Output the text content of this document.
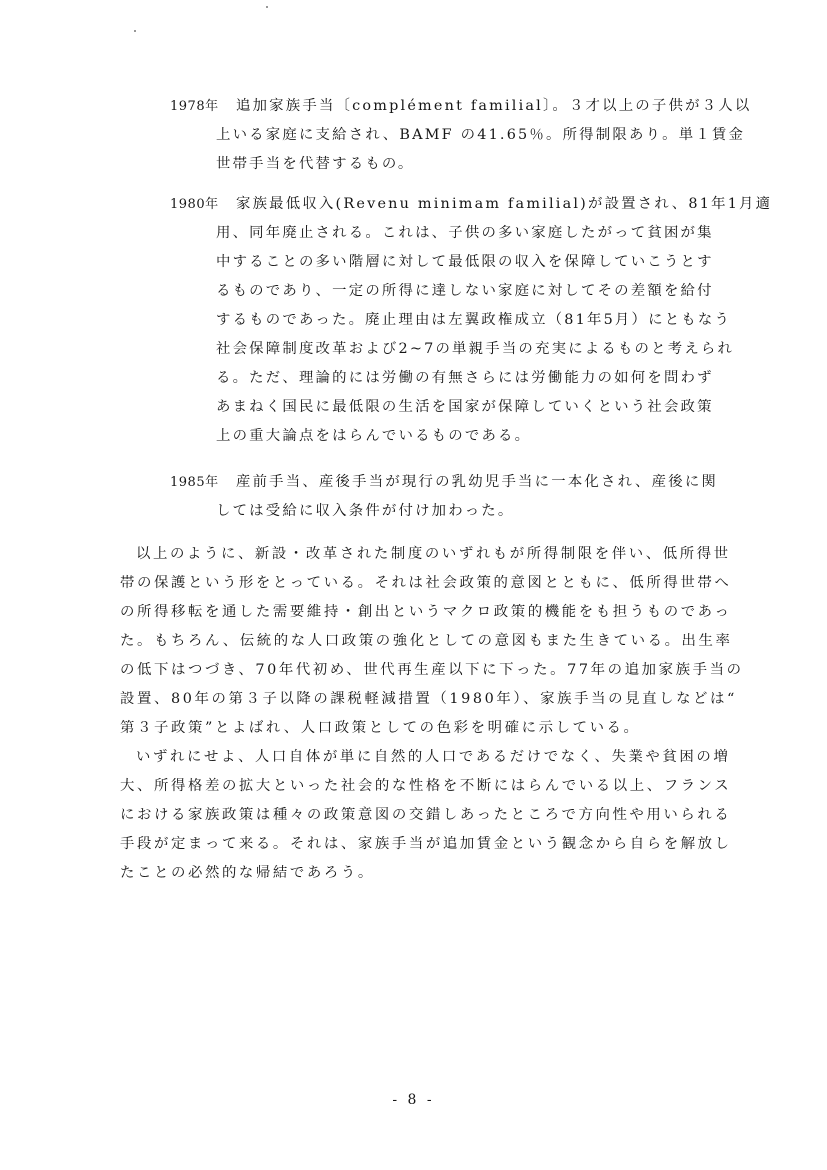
1978年	追加家族手当〔complément familial〕。３才以上の子供が３人以
上いる家庭に支給され、BAMF の41.65％。所得制限あり。単１賃金
世帯手当を代替するもの。
1980年	家族最低収入(Revenu minimam familial)が設置され、81年1月適
用、同年廃止される。これは、子供の多い家庭したがって貧困が集
中することの多い階層に対して最低限の収入を保障していこうとす
るものであり、一定の所得に達しない家庭に対してその差額を給付
するものであった。廃止理由は左翼政権成立（81年5月）にともなう
社会保障制度改革および2~7の単親手当の充実によるものと考えられ
る。ただ、理論的には労働の有無さらには労働能力の如何を問わず
あまねく国民に最低限の生活を国家が保障していくという社会政策
上の重大論点をはらんでいるものである。
1985年	産前手当、産後手当が現行の乳幼児手当に一本化され、産後に関
しては受給に収入条件が付け加わった。
以上のように、新設・改革された制度のいずれもが所得制限を伴い、低所得世
帯の保護という形をとっている。それは社会政策的意図とともに、低所得世帯へ
の所得移転を通した需要維持・創出というマクロ政策的機能をも担うものであっ
た。もちろん、伝統的な人口政策の強化としての意図もまた生きている。出生率
の低下はつづき、70年代初め、世代再生産以下に下った。77年の追加家族手当の
設置、80年の第３子以降の課税軽減措置（1980年）、家族手当の見直しなどは“
第３子政策”とよばれ、人口政策としての色彩を明確に示している。
いずれにせよ、人口自体が単に自然的人口であるだけでなく、失業や貧困の増
大、所得格差の拡大といった社会的な性格を不断にはらんでいる以上、フランス
における家族政策は種々の政策意図の交錯しあったところで方向性や用いられる
手段が定まって来る。それは、家族手当が追加賃金という観念から自らを解放し
たことの必然的な帰結であろう。
- 8 -
